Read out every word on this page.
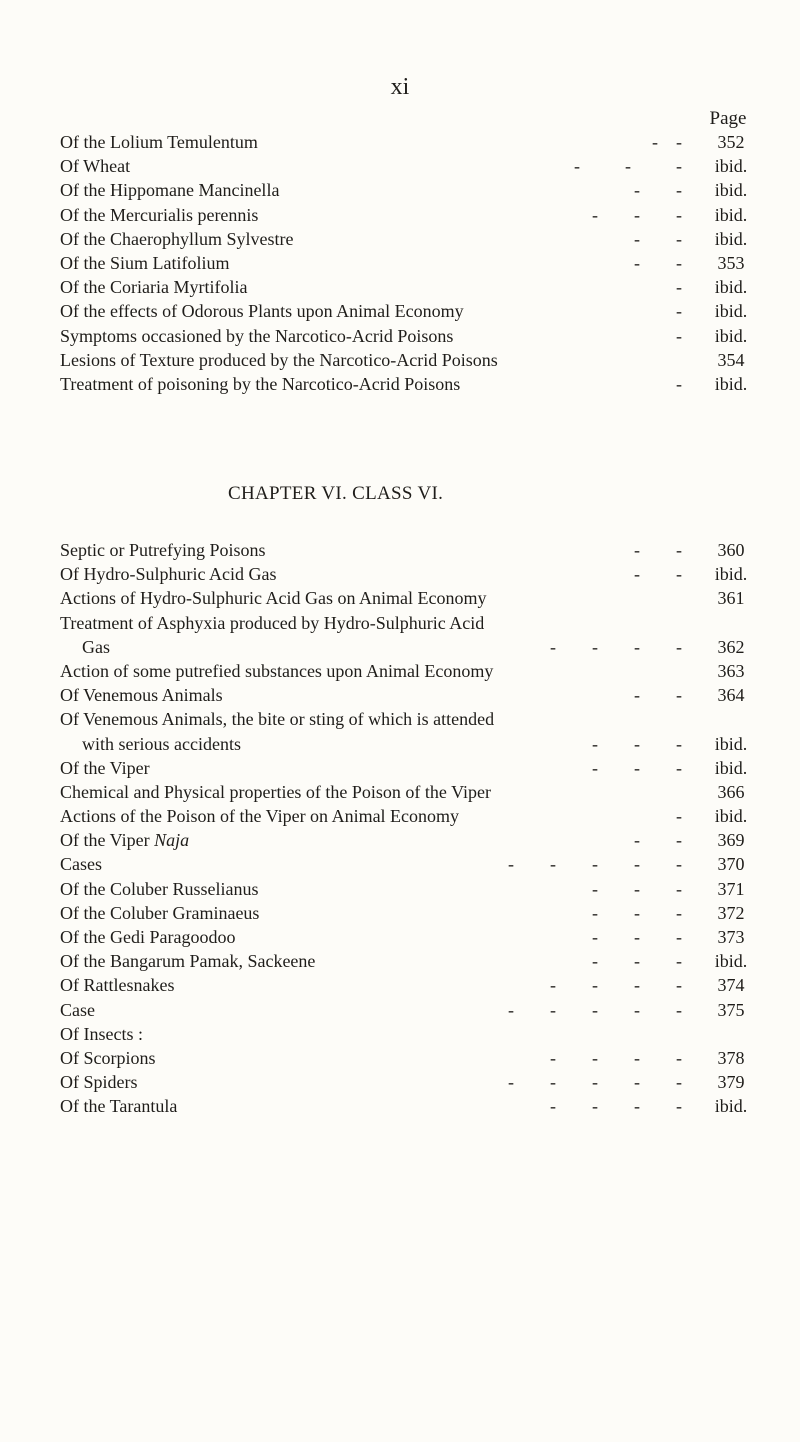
xi
Page
Of the Lolium Temulentum	-    -	352
Of Wheat	-          -          -	ibid.
Of the Hippomane Mancinella	-        -	ibid.
Of the Mercurialis perennis	-        -        -	ibid.
Of the Chaerophyllum Sylvestre	-        -	ibid.
Of the Sium Latifolium	-        -	353
Of the Coriaria Myrtifolia	-	ibid.
Of the effects of Odorous Plants upon Animal Economy	-	ibid.
Symptoms occasioned by the Narcotico-Acrid Poisons	-	ibid.
Lesions of Texture produced by the Narcotico-Acrid Poisons	354
Treatment of poisoning by the Narcotico-Acrid Poisons	-	ibid.
CHAPTER VI. CLASS VI.
Septic or Putrefying Poisons	-        -	360
Of Hydro-Sulphuric Acid Gas	-        -	ibid.
Actions of Hydro-Sulphuric Acid Gas on Animal Economy	361
Treatment of Asphyxia produced by Hydro-Sulphuric Acid
Gas	-        -        -        -	362
Action of some putrefied substances upon Animal Economy	363
Of Venemous Animals	-        -	364
Of Venemous Animals, the bite or sting of which is attended
with serious accidents	-        -        -	ibid.
Of the Viper	-        -        -	ibid.
Chemical and Physical properties of the Poison of the Viper	366
Actions of the Poison of the Viper on Animal Economy	-	ibid.
Of the Viper Naja	-        -	369
Cases	-        -        -        -        -	370
Of the Coluber Russelianus	-        -        -	371
Of the Coluber Graminaeus	-        -        -	372
Of the Gedi Paragoodoo	-        -        -	373
Of the Bangarum Pamak, Sackeene	-        -        -	ibid.
Of Rattlesnakes	-        -        -        -	374
Case	-        -        -        -        -	375
Of Insects :
Of Scorpions	-        -        -        -	378
Of Spiders	-        -        -        -        -	379
Of the Tarantula	-        -        -        -	ibid.
